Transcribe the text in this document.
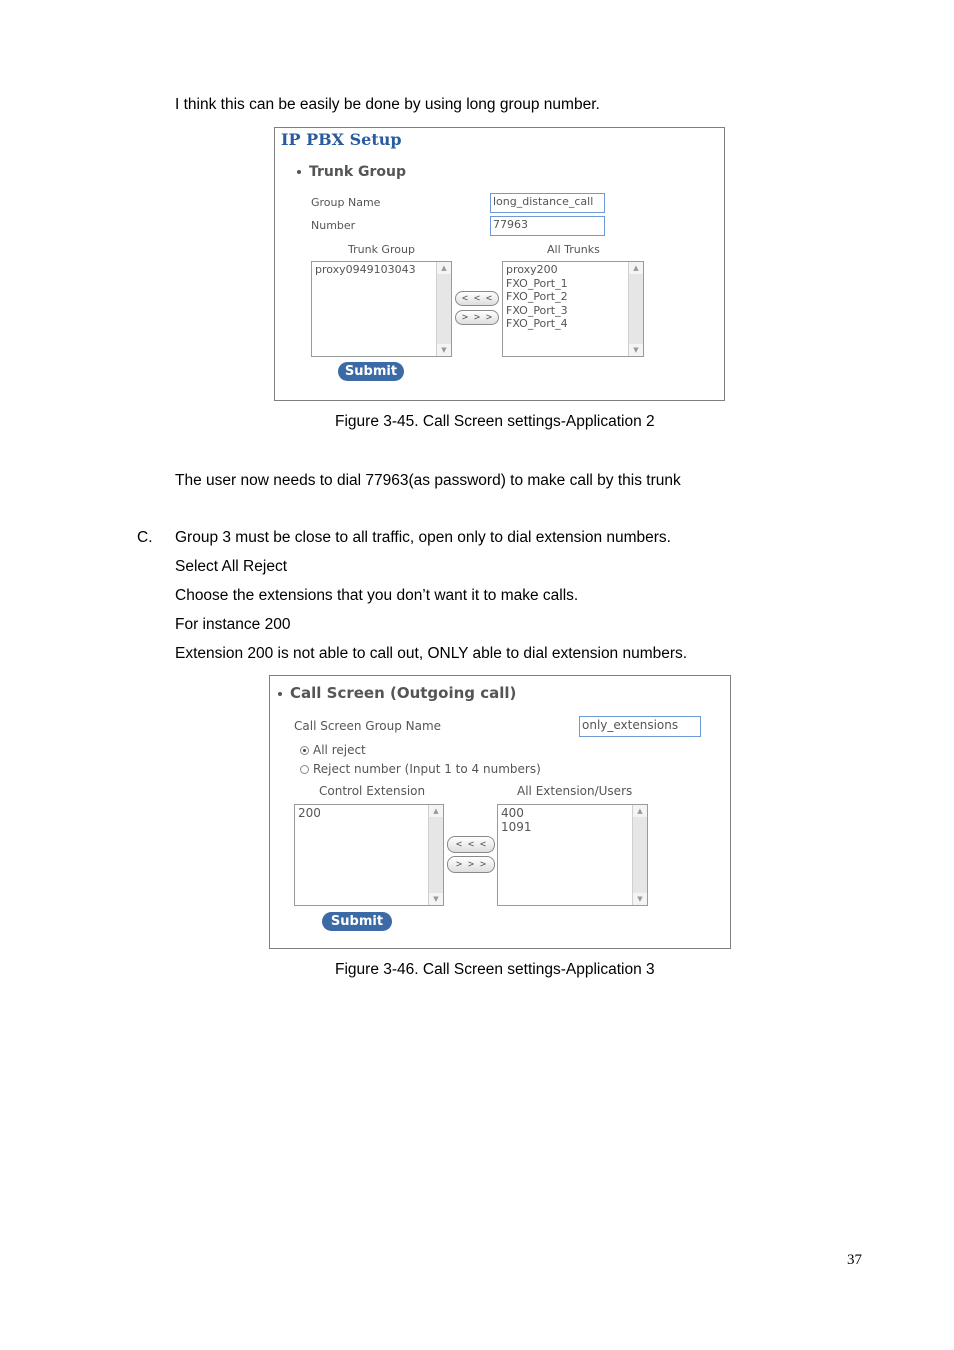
I think this can be easily be done by using long group number.
IP PBX Setup
Trunk Group
Group Name	long_distance_call
Number	77963
Trunk Group	All Trunks
proxy0949103043	▲
▼
< < <
> > >
proxy200
FXO_Port_1
FXO_Port_2
FXO_Port_3
FXO_Port_4
▲
▼
Submit
Figure 3-45. Call Screen settings-Application 2
The user now needs to dial 77963(as password) to make call by this trunk
C. Group 3 must be close to all traffic, open only to dial extension numbers.
Select All Reject
Choose the extensions that you don’t want it to make calls.
For instance 200
Extension 200 is not able to call out, ONLY able to dial extension numbers.
Call Screen (Outgoing call)
Call Screen Group Name	only_extensions
All reject
Reject number (Input 1 to 4 numbers)
Control Extension	All Extension/Users
200	▲
▼
< < <
> > >
400
1091
▲
▼
Submit
Figure 3-46. Call Screen settings-Application 3
37
